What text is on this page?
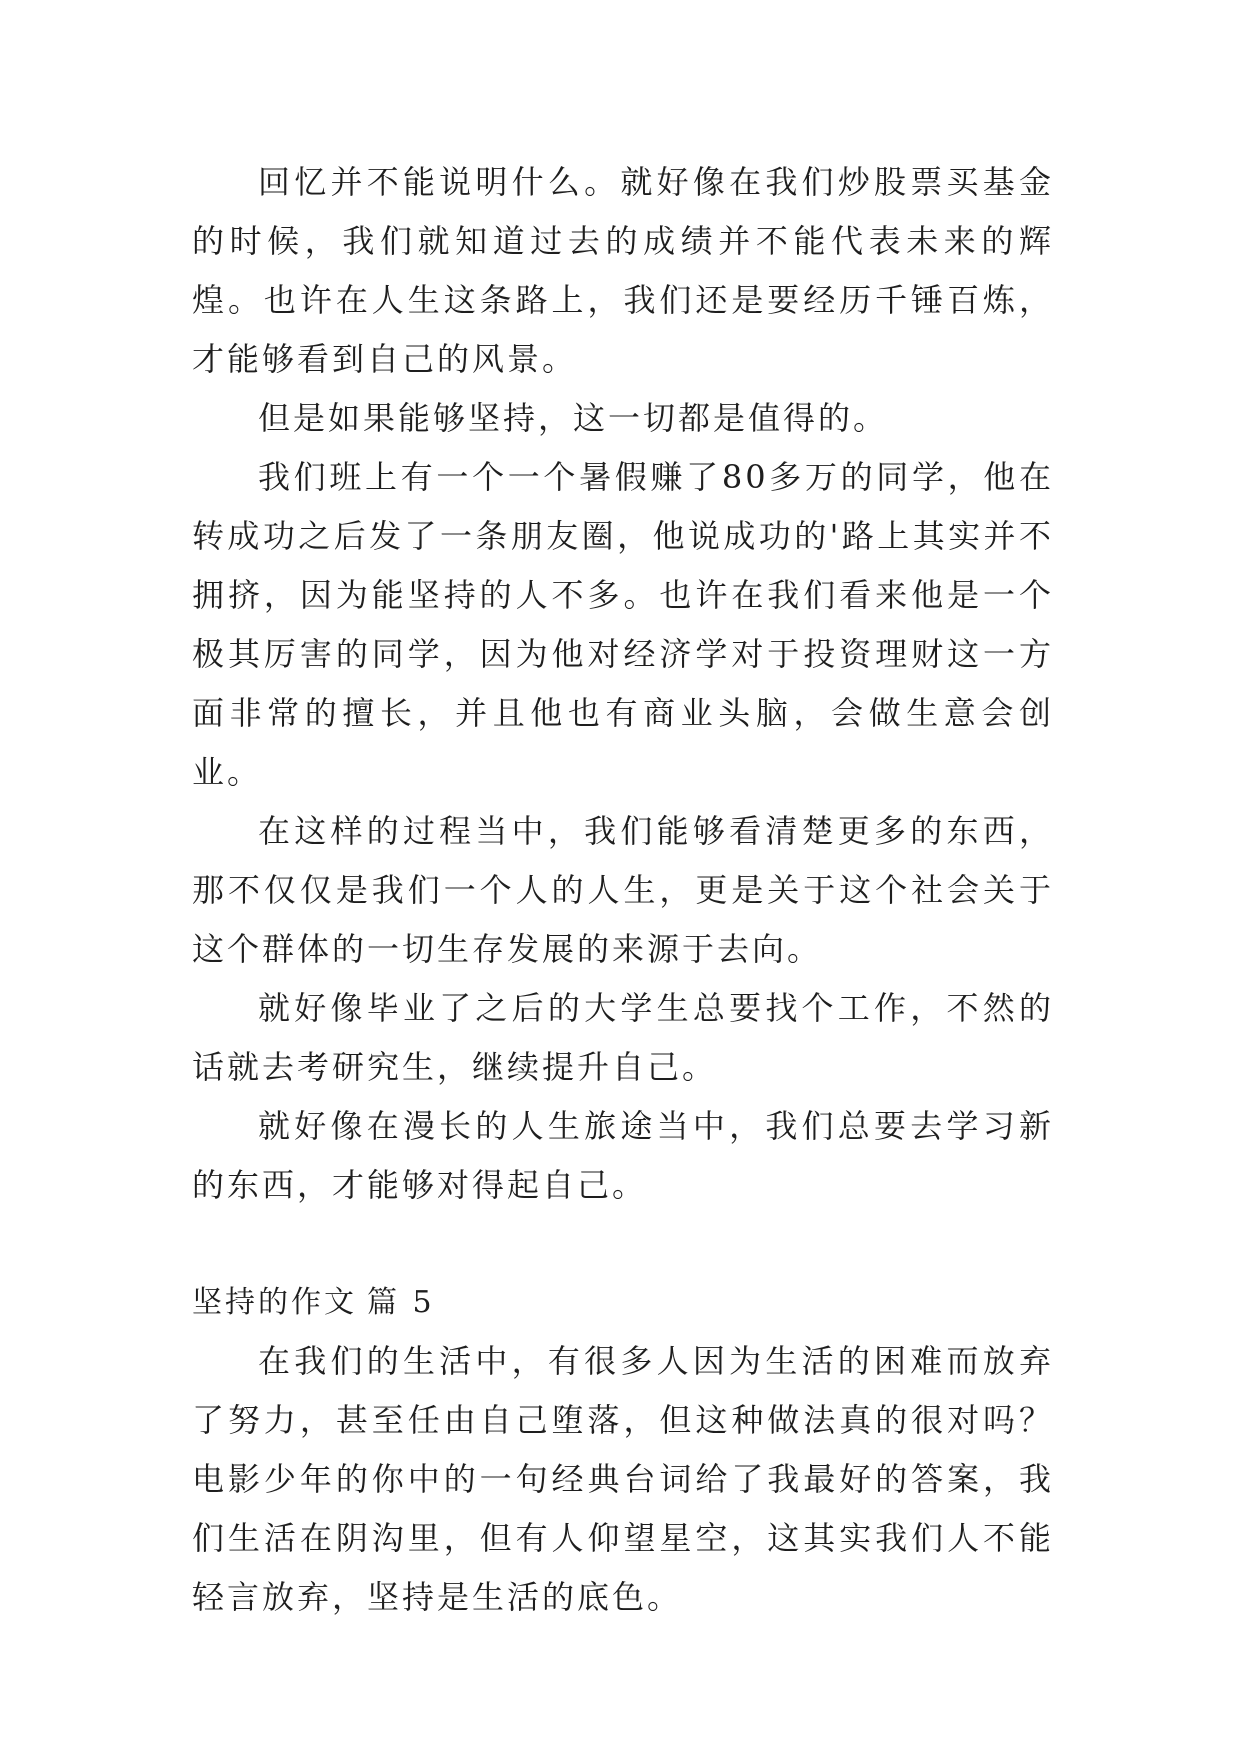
回忆并不能说明什么。就好像在我们炒股票买基金的时候，我们就知道过去的成绩并不能代表未来的辉煌。也许在人生这条路上，我们还是要经历千锤百炼，才能够看到自己的风景。

但是如果能够坚持，这一切都是值得的。

我们班上有一个一个暑假赚了80多万的同学，他在转成功之后发了一条朋友圈，他说成功的'路上其实并不拥挤，因为能坚持的人不多。也许在我们看来他是一个极其厉害的同学，因为他对经济学对于投资理财这一方面非常的擅长，并且他也有商业头脑，会做生意会创业。

在这样的过程当中，我们能够看清楚更多的东西，那不仅仅是我们一个人的人生，更是关于这个社会关于这个群体的一切生存发展的来源于去向。

就好像毕业了之后的大学生总要找个工作，不然的话就去考研究生，继续提升自己。

就好像在漫长的人生旅途当中，我们总要去学习新的东西，才能够对得起自己。

坚持的作文 篇 5

在我们的生活中，有很多人因为生活的困难而放弃了努力，甚至任由自己堕落，但这种做法真的很对吗？电影少年的你中的一句经典台词给了我最好的答案，我们生活在阴沟里，但有人仰望星空，这其实我们人不能轻言放弃，坚持是生活的底色。
